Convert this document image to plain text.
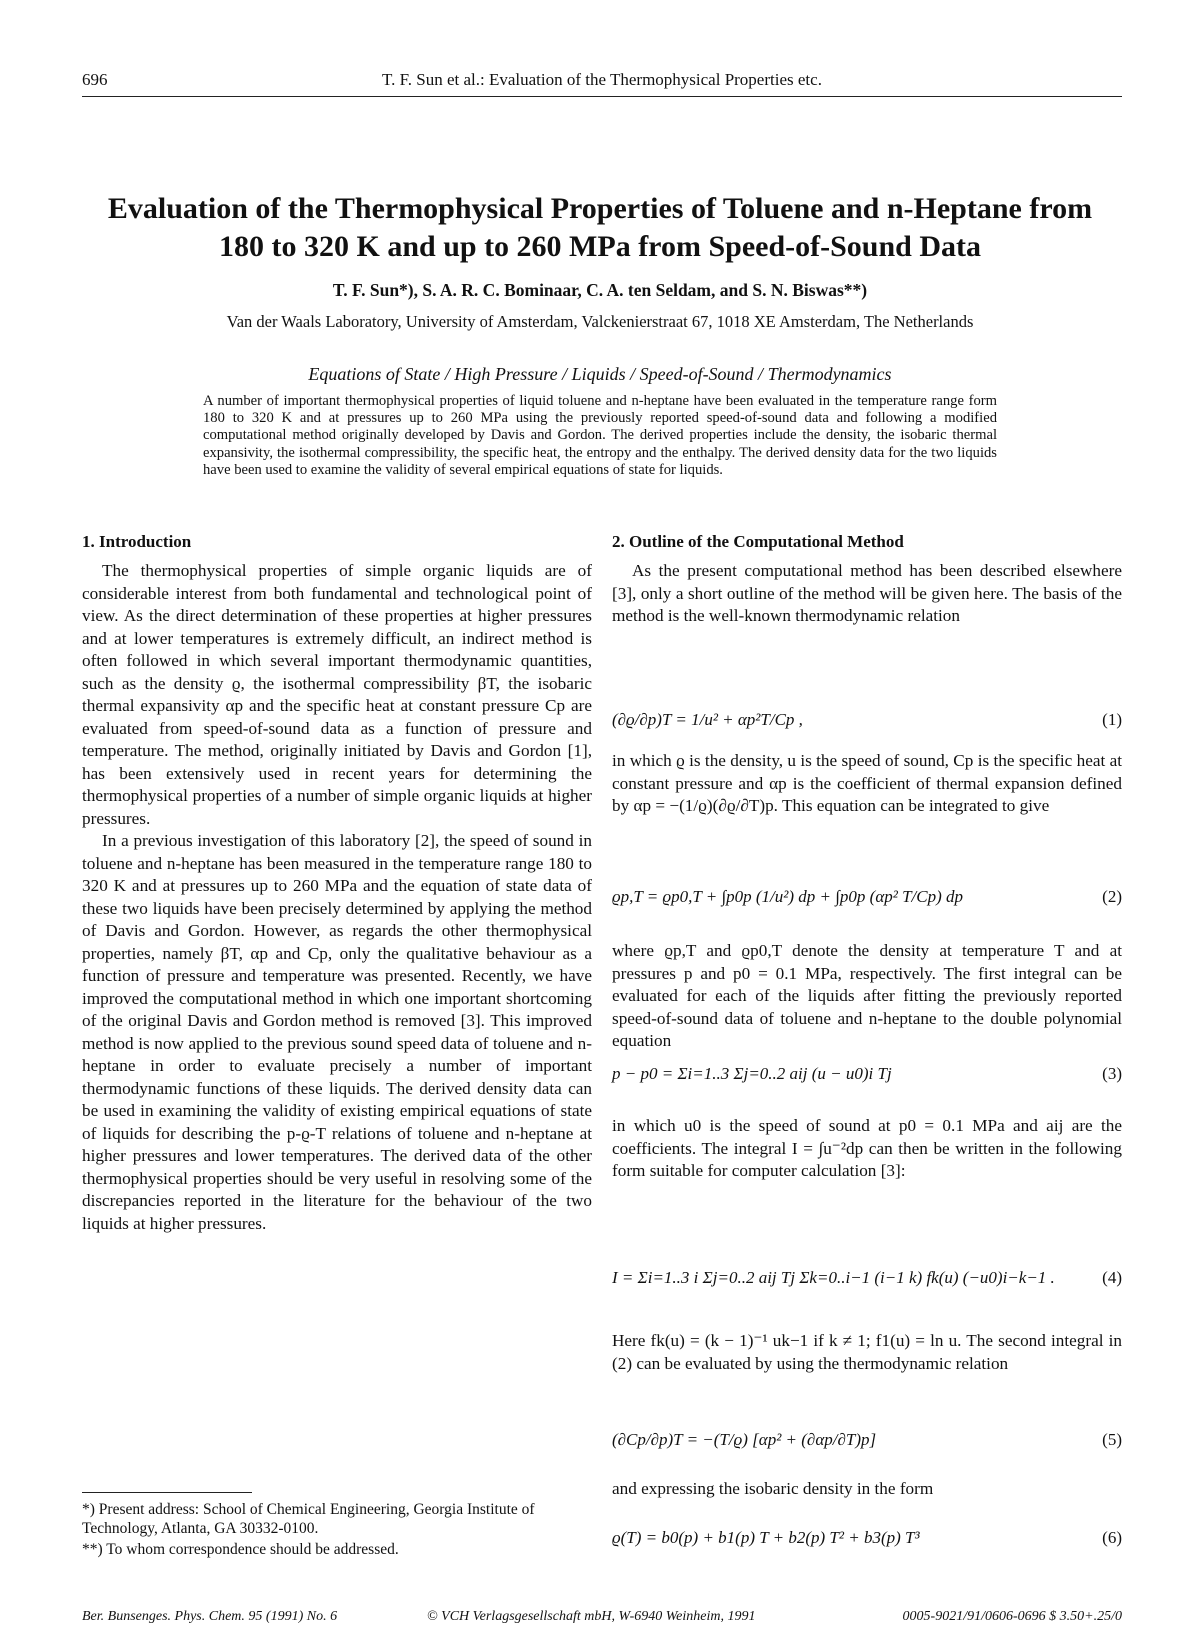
696	T. F. Sun et al.: Evaluation of the Thermophysical Properties etc.
Evaluation of the Thermophysical Properties of Toluene and n-Heptane from
180 to 320 K and up to 260 MPa from Speed-of-Sound Data
T. F. Sun*), S. A. R. C. Bominaar, C. A. ten Seldam, and S. N. Biswas**)
Van der Waals Laboratory, University of Amsterdam, Valckenierstraat 67, 1018 XE Amsterdam, The Netherlands
Equations of State / High Pressure / Liquids / Speed-of-Sound / Thermodynamics
A number of important thermophysical properties of liquid toluene and n-heptane have been evaluated in the temperature range form 180 to 320 K and at pressures up to 260 MPa using the previously reported speed-of-sound data and following a modified computational method originally developed by Davis and Gordon. The derived properties include the density, the isobaric thermal expansivity, the isothermal compressibility, the specific heat, the entropy and the enthalpy. The derived density data for the two liquids have been used to examine the validity of several empirical equations of state for liquids.
1. Introduction

The thermophysical properties of simple organic liquids are of considerable interest from both fundamental and technological point of view. As the direct determination of these properties at higher pressures and at lower temperatures is extremely difficult, an indirect method is often followed in which several important thermodynamic quantities, such as the density ϱ, the isothermal compressibility βT, the isobaric thermal expansivity αp and the specific heat at constant pressure Cp are evaluated from speed-of-sound data as a function of pressure and temperature. The method, originally initiated by Davis and Gordon [1], has been extensively used in recent years for determining the thermophysical properties of a number of simple organic liquids at higher pressures.

In a previous investigation of this laboratory [2], the speed of sound in toluene and n-heptane has been measured in the temperature range 180 to 320 K and at pressures up to 260 MPa and the equation of state data of these two liquids have been precisely determined by applying the method of Davis and Gordon. However, as regards the other thermophysical properties, namely βT, αp and Cp, only the qualitative behaviour as a function of pressure and temperature was presented. Recently, we have improved the computational method in which one important shortcoming of the original Davis and Gordon method is removed [3]. This improved method is now applied to the previous sound speed data of toluene and n-heptane in order to evaluate precisely a number of important thermodynamic functions of these liquids. The derived density data can be used in examining the validity of existing empirical equations of state of liquids for describing the p-ϱ-T relations of toluene and n-heptane at higher pressures and lower temperatures. The derived data of the other thermophysical properties should be very useful in resolving some of the discrepancies reported in the literature for the behaviour of the two liquids at higher pressures.

*) Present address: School of Chemical Engineering, Georgia Institute of Technology, Atlanta, GA 30332-0100.
**) To whom correspondence should be addressed.
2. Outline of the Computational Method

As the present computational method has been described elsewhere [3], only a short outline of the method will be given here. The basis of the method is the well-known thermodynamic relation

(∂ϱ/∂p)T = 1/u² + αp²T/Cp ,	(1)

in which ϱ is the density, u is the speed of sound, Cp is the specific heat at constant pressure and αp is the coefficient of thermal expansion defined by αp = −(1/ϱ)(∂ϱ/∂T)p. This equation can be integrated to give

ϱp,T = ϱp0,T + ∫p0p (1/u²) dp + ∫p0p (αp² T/Cp) dp	(2)

where ϱp,T and ϱp0,T denote the density at temperature T and at pressures p and p0 = 0.1 MPa, respectively. The first integral can be evaluated for each of the liquids after fitting the previously reported speed-of-sound data of toluene and n-heptane to the double polynomial equation

p − p0 = Σi=1..3 Σj=0..2 aij (u − u0)i Tj	(3)

in which u0 is the speed of sound at p0 = 0.1 MPa and aij are the coefficients. The integral I = ∫u⁻²dp can then be written in the following form suitable for computer calculation [3]:

I = Σi=1..3 i Σj=0..2 aij Tj Σk=0..i−1 (i−1 k) fk(u) (−u0)i−k−1 .	(4)

Here fk(u) = (k − 1)⁻¹ uk−1 if k ≠ 1; f1(u) = ln u. The second integral in (2) can be evaluated by using the thermodynamic relation

(∂Cp/∂p)T = −(T/ϱ) [αp² + (∂αp/∂T)p]	(5)

and expressing the isobaric density in the form

ϱ(T) = b0(p) + b1(p) T + b2(p) T² + b3(p) T³	(6)
Ber. Bunsenges. Phys. Chem. 95 (1991) No. 6	© VCH Verlagsgesellschaft mbH, W-6940 Weinheim, 1991	0005-9021/91/0606-0696 $ 3.50+.25/0
